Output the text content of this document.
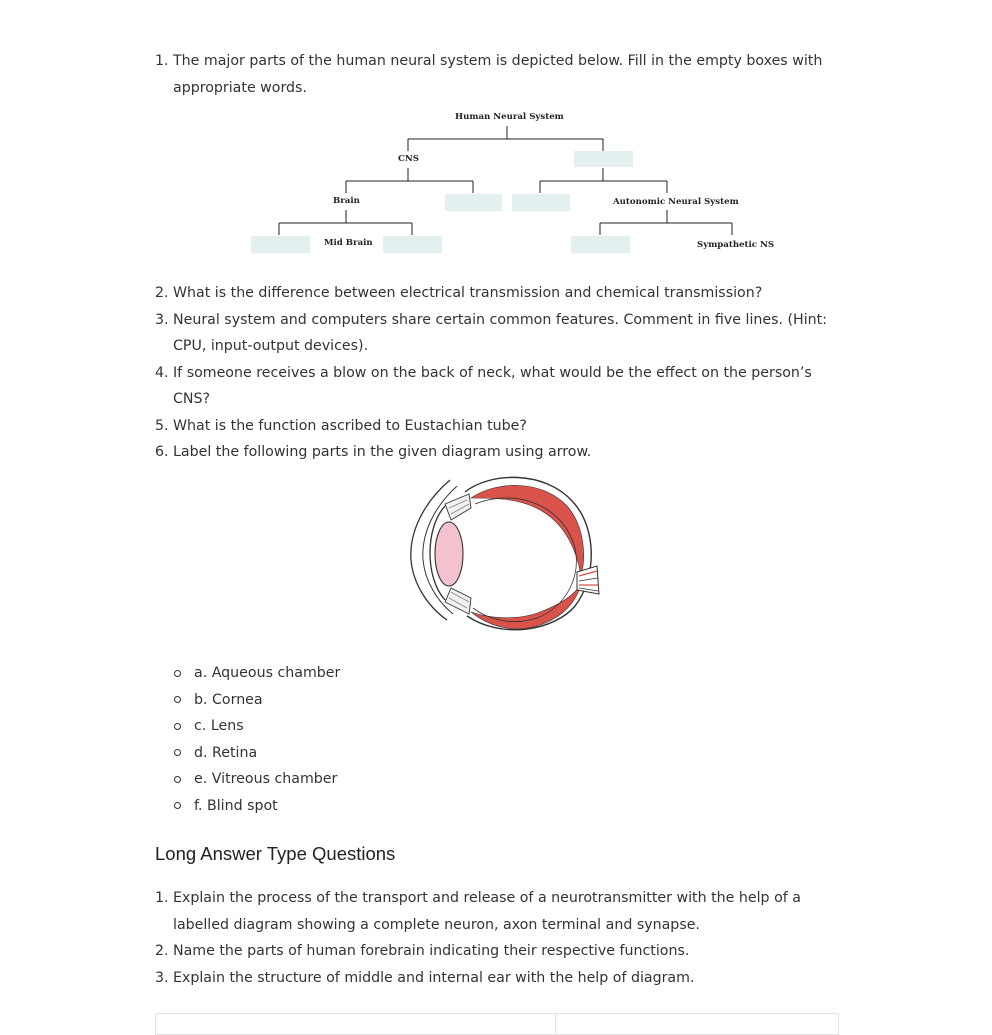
1. The major parts of the human neural system is depicted below. Fill in the empty boxes with appropriate words.
Human Neural System
CNS
Brain	Autonomic Neural System
Mid Brain	Sympathetic NS
2. What is the difference between electrical transmission and chemical transmission?
3. Neural system and computers share certain common features. Comment in five lines. (Hint: CPU, input-output devices).
4. If someone receives a blow on the back of neck, what would be the effect on the person’s CNS?
5. What is the function ascribed to Eustachian tube?
6. Label the following parts in the given diagram using arrow.
a. Aqueous chamber
b. Cornea
c. Lens
d. Retina
e. Vitreous chamber
f. Blind spot
Long Answer Type Questions
1. Explain the process of the transport and release of a neurotransmitter with the help of a labelled diagram showing a complete neuron, axon terminal and synapse.
2. Name the parts of human forebrain indicating their respective functions.
3. Explain the structure of middle and internal ear with the help of diagram.
